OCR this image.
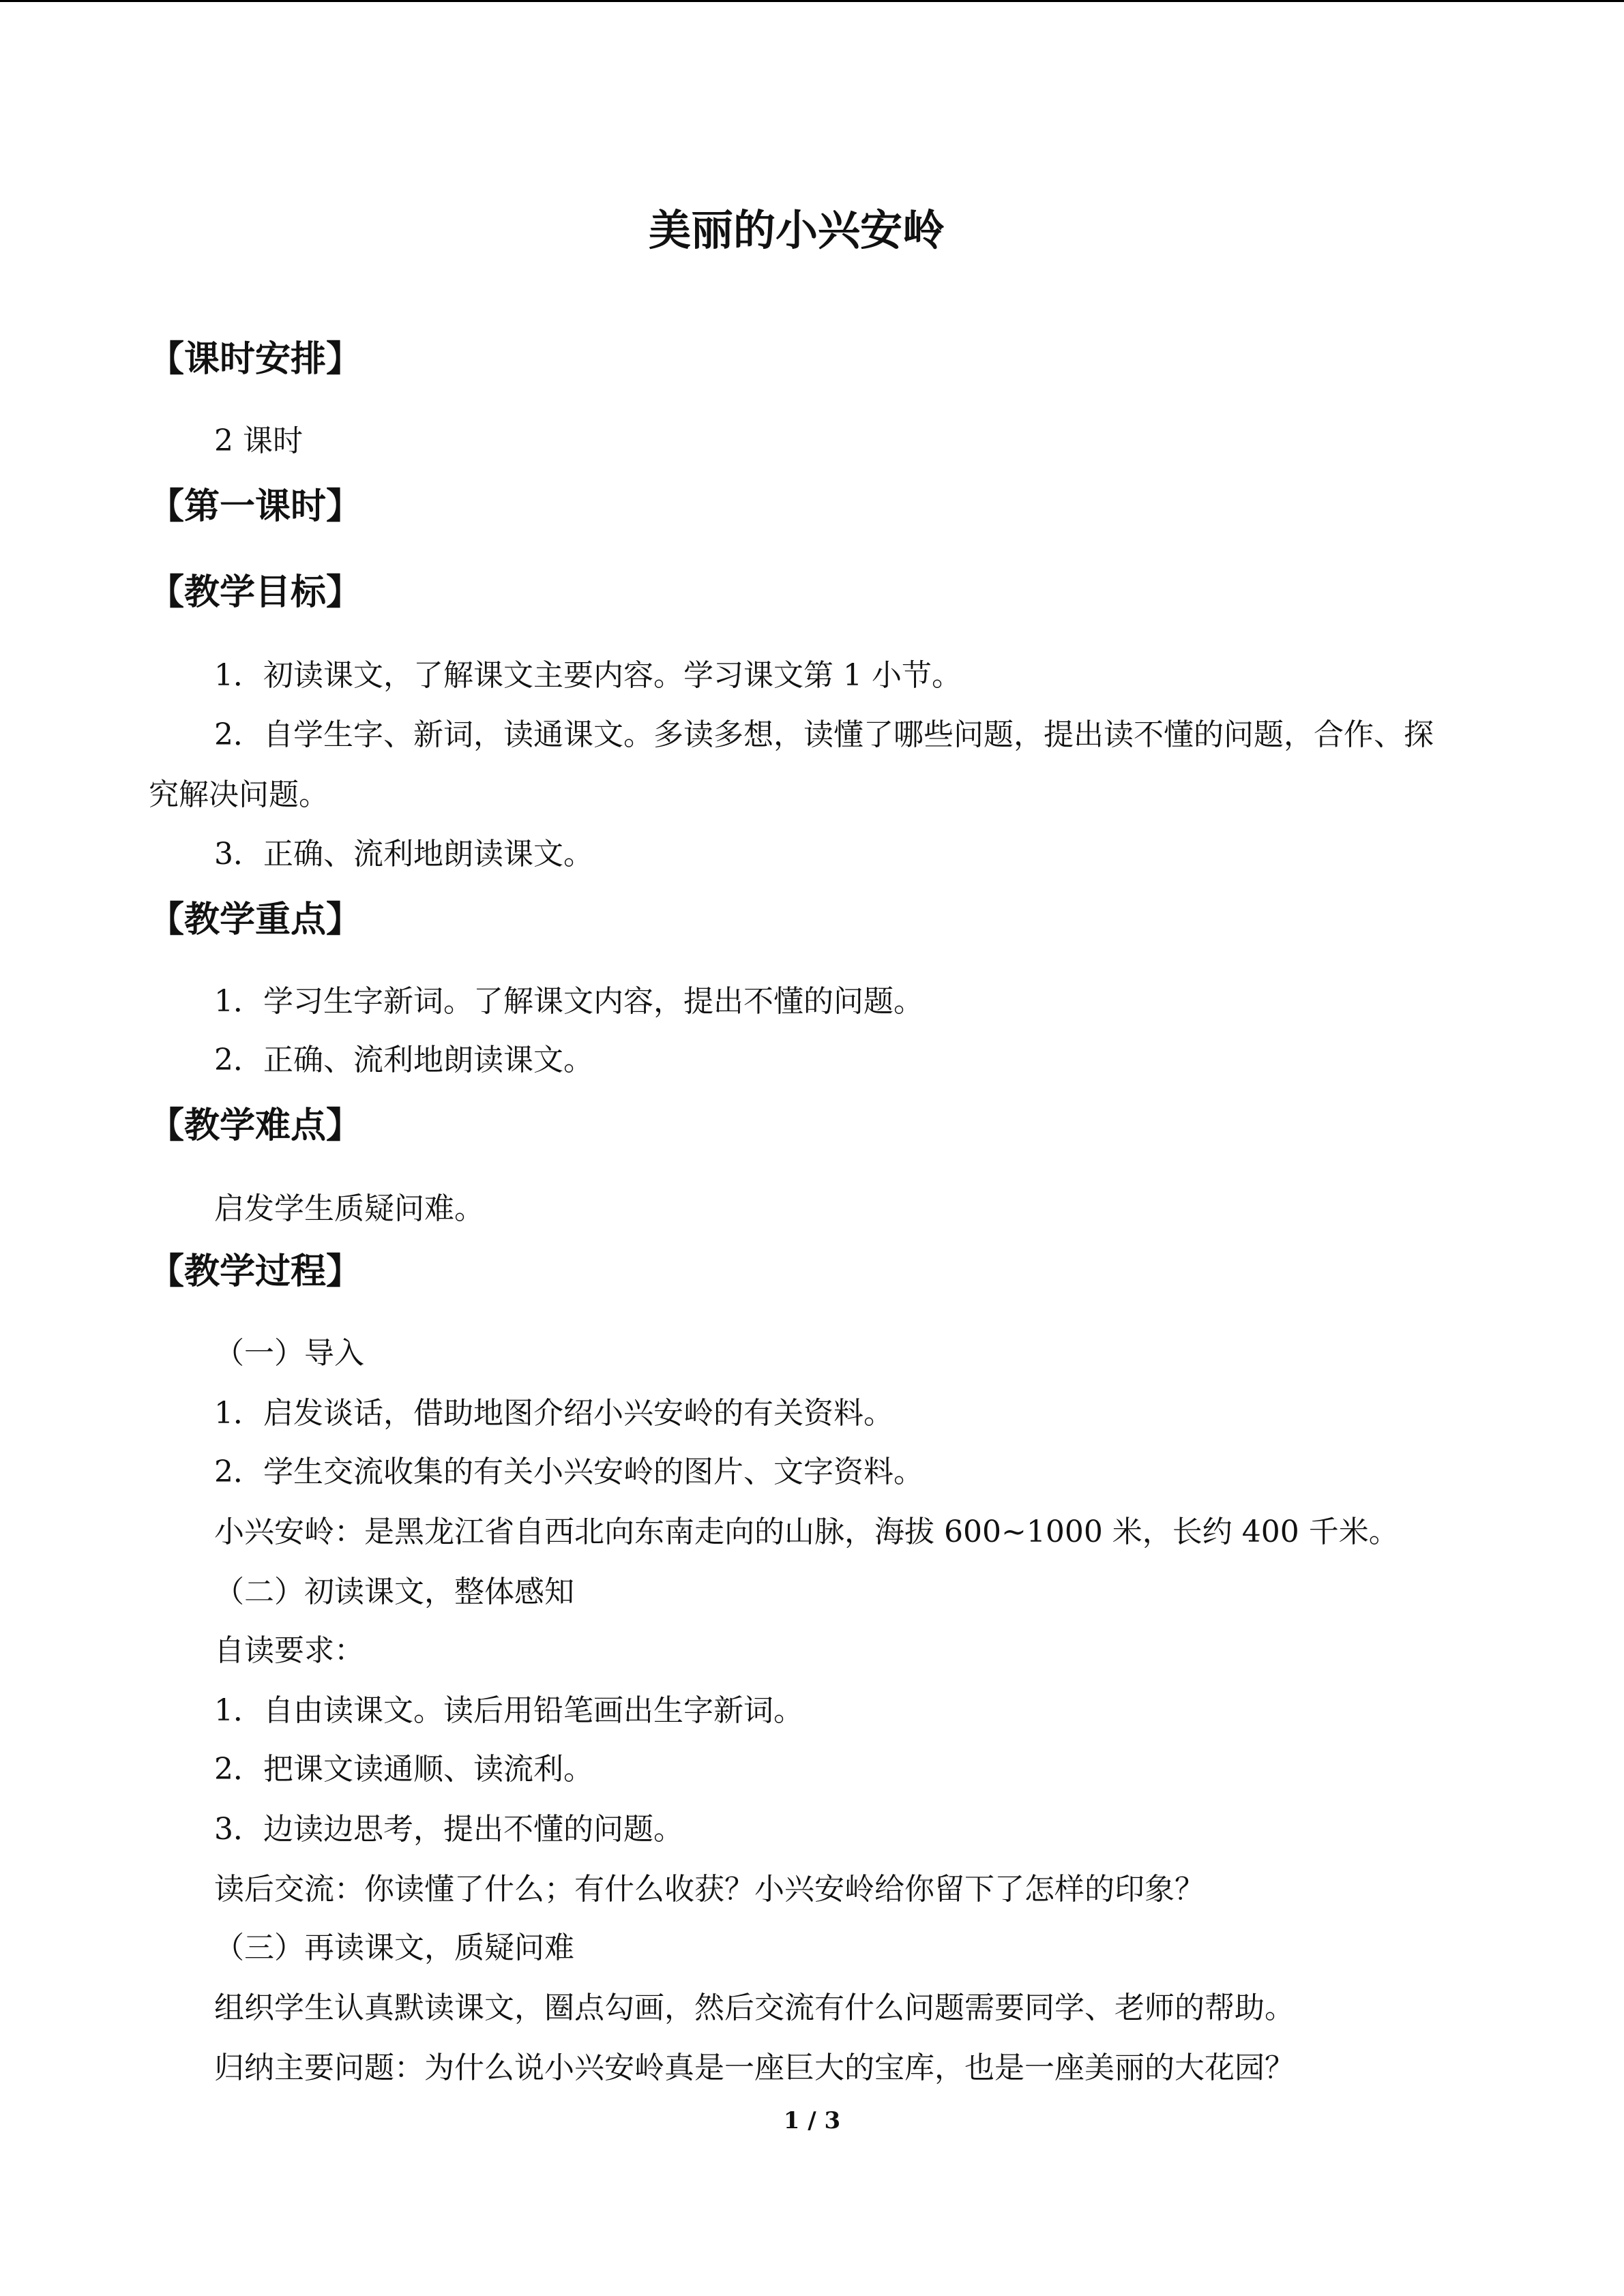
美丽的小兴安岭
【课时安排】
2 课时
【第一课时】
【教学目标】
1．初读课文，了解课文主要内容。学习课文第 1 小节。
2．自学生字、新词，读通课文。多读多想，读懂了哪些问题，提出读不懂的问题，合作、探究解决问题。
3．正确、流利地朗读课文。
【教学重点】
1．学习生字新词。了解课文内容，提出不懂的问题。
2．正确、流利地朗读课文。
【教学难点】
启发学生质疑问难。
【教学过程】
（一）导入
1．启发谈话，借助地图介绍小兴安岭的有关资料。
2．学生交流收集的有关小兴安岭的图片、文字资料。
小兴安岭：是黑龙江省自西北向东南走向的山脉，海拔 600~1000 米，长约 400 千米。
（二）初读课文，整体感知
自读要求：
1．自由读课文。读后用铅笔画出生字新词。
2．把课文读通顺、读流利。
3．边读边思考，提出不懂的问题。
读后交流：你读懂了什么；有什么收获？小兴安岭给你留下了怎样的印象？
（三）再读课文，质疑问难
组织学生认真默读课文，圈点勾画，然后交流有什么问题需要同学、老师的帮助。
归纳主要问题：为什么说小兴安岭真是一座巨大的宝库，也是一座美丽的大花园？
1 / 3
